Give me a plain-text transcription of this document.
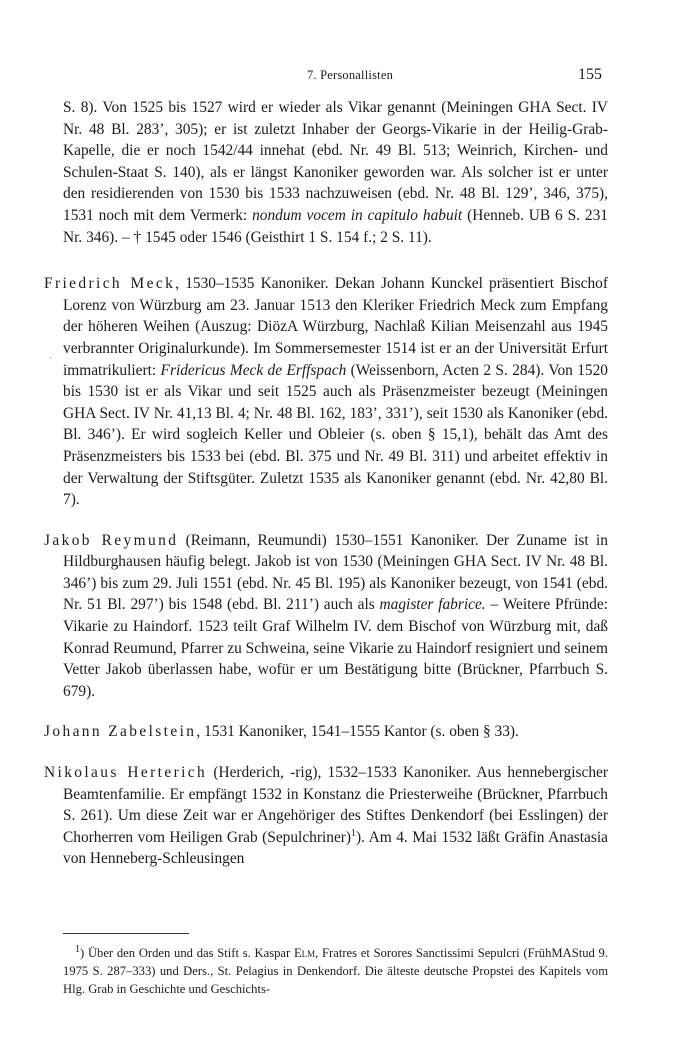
7. Personallisten	155
˙

S. 8). Von 1525 bis 1527 wird er wieder als Vikar genannt (Meiningen GHA Sect. IV Nr. 48 Bl. 283’, 305); er ist zuletzt Inhaber der Georgs-Vikarie in der Heilig-Grab-Kapelle, die er noch 1542/44 innehat (ebd. Nr. 49 Bl. 513; Weinrich, Kirchen- und Schulen-Staat S. 140), als er längst Kanoniker geworden war. Als solcher ist er unter den residierenden von 1530 bis 1533 nachzuweisen (ebd. Nr. 48 Bl. 129’, 346, 375), 1531 noch mit dem Vermerk: nondum vocem in capitulo habuit (Henneb. UB 6 S. 231 Nr. 346). – † 1545 oder 1546 (Geisthirt 1 S. 154 f.; 2 S. 11).

Friedrich Meck, 1530–1535 Kanoniker. Dekan Johann Kunckel präsentiert Bischof Lorenz von Würzburg am 23. Januar 1513 den Kleriker Friedrich Meck zum Empfang der höheren Weihen (Auszug: DiözA Würzburg, Nachlaß Kilian Meisenzahl aus 1945 verbrannter Originalurkunde). Im Sommersemester 1514 ist er an der Universität Erfurt immatrikuliert: Fridericus Meck de Erffspach (Weissenborn, Acten 2 S. 284). Von 1520 bis 1530 ist er als Vikar und seit 1525 auch als Präsenzmeister bezeugt (Meiningen GHA Sect. IV Nr. 41,13 Bl. 4; Nr. 48 Bl. 162, 183’, 331’), seit 1530 als Kanoniker (ebd. Bl. 346’). Er wird sogleich Keller und Obleier (s. oben § 15,1), behält das Amt des Präsenzmeisters bis 1533 bei (ebd. Bl. 375 und Nr. 49 Bl. 311) und arbeitet effektiv in der Verwaltung der Stiftsgüter. Zuletzt 1535 als Kanoniker genannt (ebd. Nr. 42,80 Bl. 7).

Jakob Reymund (Reimann, Reumundi) 1530–1551 Kanoniker. Der Zuname ist in Hildburghausen häufig belegt. Jakob ist von 1530 (Meiningen GHA Sect. IV Nr. 48 Bl. 346’) bis zum 29. Juli 1551 (ebd. Nr. 45 Bl. 195) als Kanoniker bezeugt, von 1541 (ebd. Nr. 51 Bl. 297’) bis 1548 (ebd. Bl. 211’) auch als magister fabrice. – Weitere Pfründe: Vikarie zu Haindorf. 1523 teilt Graf Wilhelm IV. dem Bischof von Würzburg mit, daß Konrad Reumund, Pfarrer zu Schweina, seine Vikarie zu Haindorf resigniert und seinem Vetter Jakob überlassen habe, wofür er um Bestätigung bitte (Brückner, Pfarrbuch S. 679).

Johann Zabelstein, 1531 Kanoniker, 1541–1555 Kantor (s. oben § 33).

Nikolaus Herterich (Herderich, -rig), 1532–1533 Kanoniker. Aus hennebergischer Beamtenfamilie. Er empfängt 1532 in Konstanz die Priesterweihe (Brückner, Pfarrbuch S. 261). Um diese Zeit war er Angehöriger des Stiftes Denkendorf (bei Esslingen) der Chorherren vom Heiligen Grab (Sepulchriner)$^1$). Am 4. Mai 1532 läßt Gräfin Anastasia von Henneberg-Schleusingen

$^1$) Über den Orden und das Stift s. Kaspar Elm, Fratres et Sorores Sanctissimi Sepulcri (FrühMAStud 9. 1975 S. 287–333) und Ders., St. Pelagius in Denkendorf. Die älteste deutsche Propstei des Kapitels vom Hlg. Grab in Geschichte und Geschichts-
